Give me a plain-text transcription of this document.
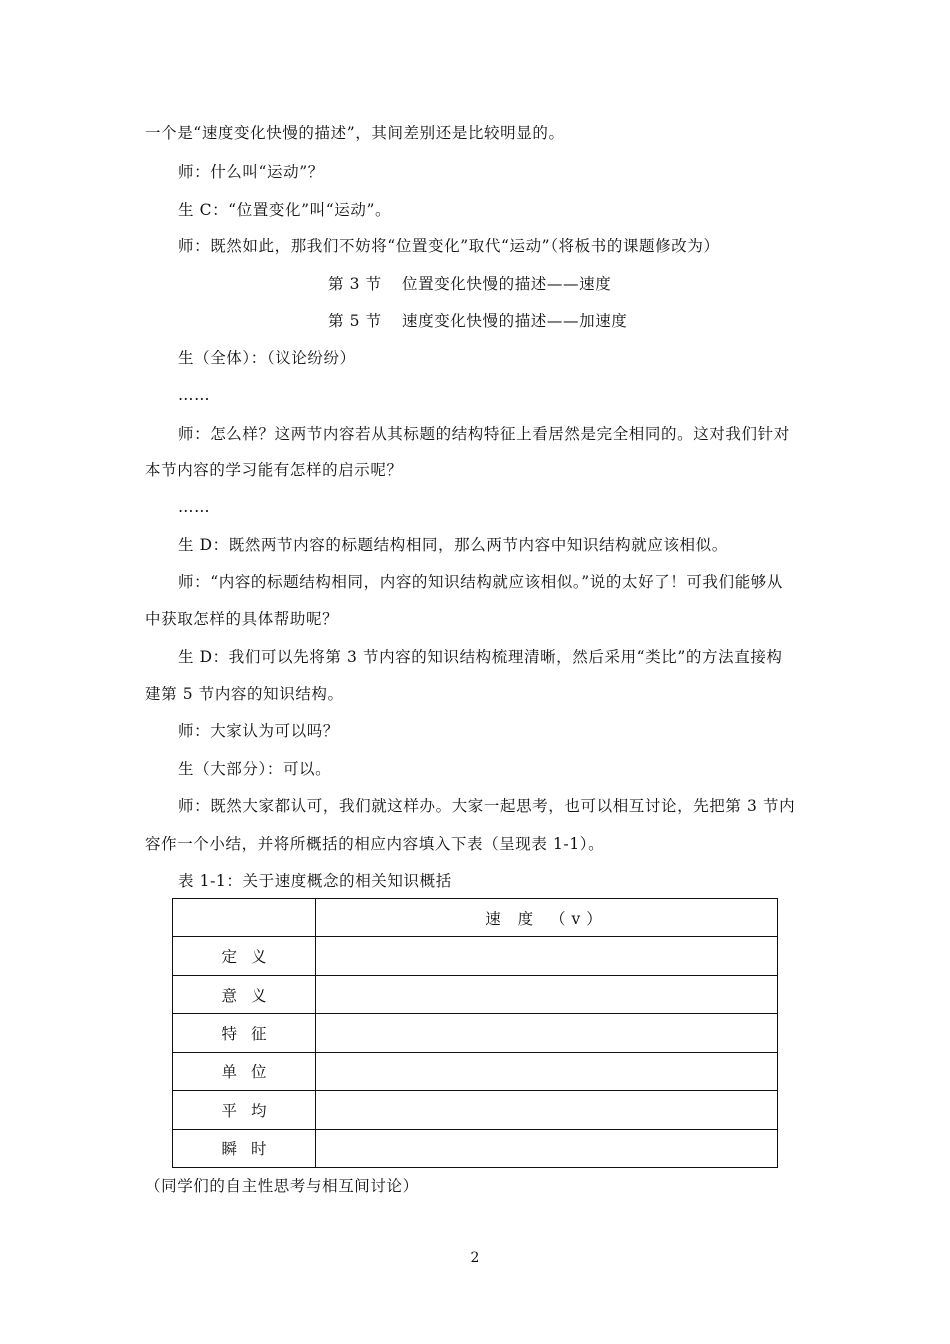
一个是“速度变化快慢的描述”，其间差别还是比较明显的。
师：什么叫“运动”？
生 C：“位置变化”叫“运动”。
师：既然如此，那我们不妨将“位置变化”取代“运动”（将板书的课题修改为）
第 3 节 位置变化快慢的描述——速度
第 5 节 速度变化快慢的描述——加速度
生（全体）：（议论纷纷）
……
师：怎么样？这两节内容若从其标题的结构特征上看居然是完全相同的。这对我们针对
本节内容的学习能有怎样的启示呢？
……
生 D：既然两节内容的标题结构相同，那么两节内容中知识结构就应该相似。
师：“内容的标题结构相同，内容的知识结构就应该相似。”说的太好了！可我们能够从
中获取怎样的具体帮助呢？
生 D：我们可以先将第 3 节内容的知识结构梳理清晰，然后采用“类比”的方法直接构
建第 5 节内容的知识结构。
师：大家认为可以吗？
生（大部分）：可以。
师：既然大家都认可，我们就这样办。大家一起思考，也可以相互讨论，先把第 3 节内
容作一个小结，并将所概括的相应内容填入下表（呈现表 1-1）。
表 1-1：关于速度概念的相关知识概括
	速 度 （v）
定义	
意义	
特征	
单位	
平均	
瞬时	
（同学们的自主性思考与相互间讨论）
2
